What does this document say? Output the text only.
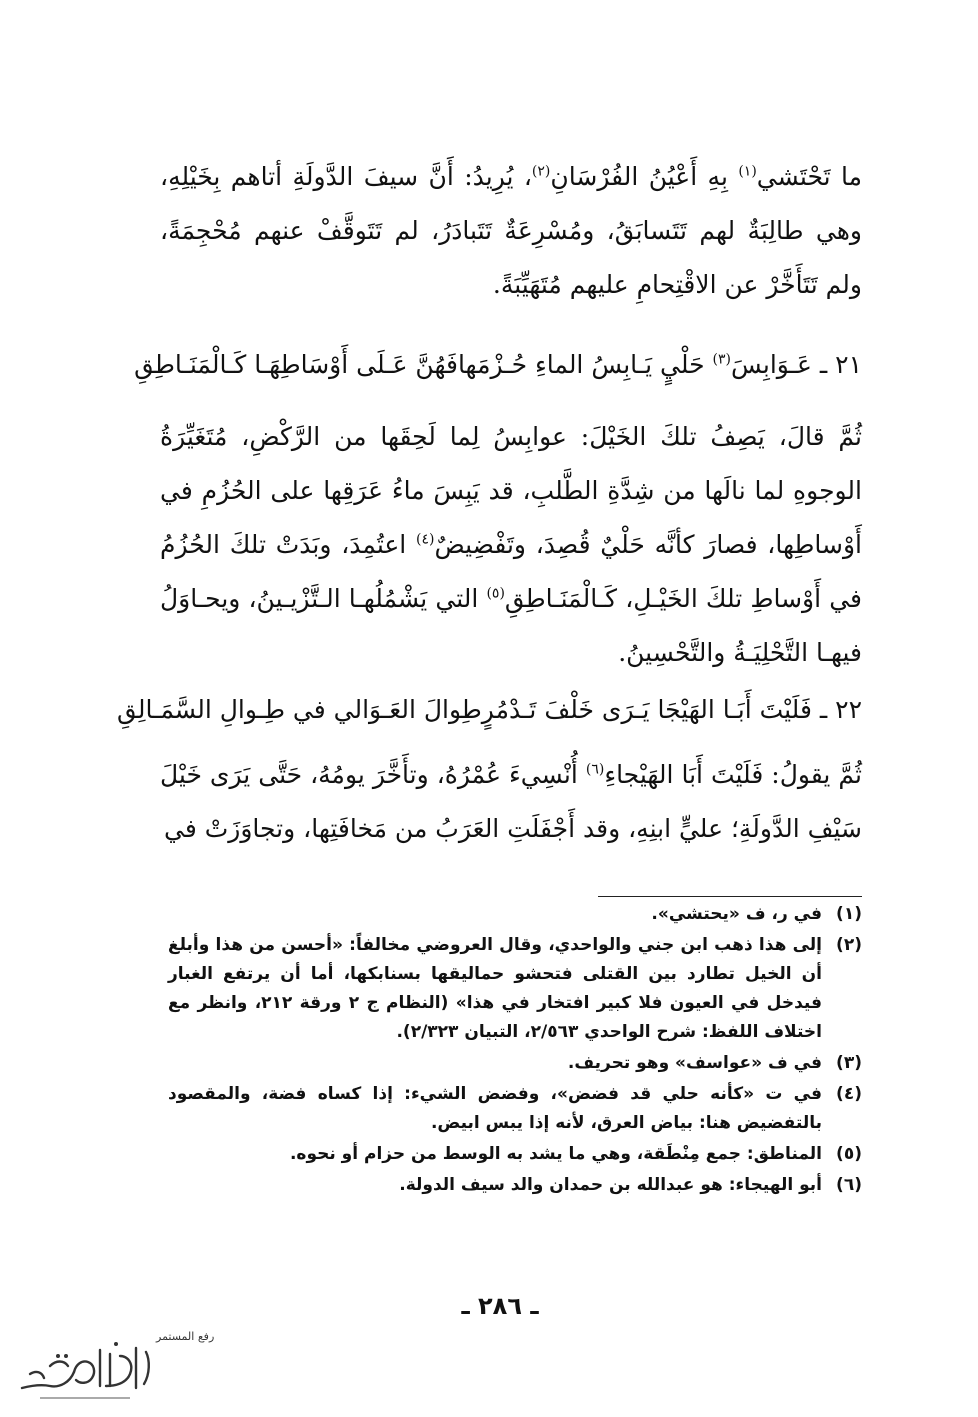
ما تَحْتَشي$^{(١)}$ بِهِ أَعْيُنُ الفُرْسَانِ$^{(٢)}$، يُرِيدُ: أَنَّ سيفَ الدَّولَةِ أتاهم بِخَيْلِهِ، وهي طالِبَةٌ لهم تَتَسابَقُ، ومُسْرِعَةٌ تَتَبادَرُ، لم تَتَوقَّفْ عنهم مُحْجِمَةً، ولم تَتَأَخَّرْ عن الاقْتِحامِ عليهم مُتَهَيِّبَةً.
٢١ ـ عَـوَابِسَ$^{(٣)}$ حَلْيٍ يَـابِسُ الماءِ حُـزْمَها
فَهُنَّ عَـلَى أَوْسَاطِهَـا كَـالْمَنَـاطِقِ
ثُمَّ قالَ، يَصِفُ تلكَ الخَيْلَ: عوابِسُ لِما لَحِقَها من الرَّكْضِ، مُتَغَيِّرَةُ الوجوهِ لما نالَها من شِدَّةِ الطَّلبِ، قد يَبِسَ ماءُ عَرَقِها على الحُزُمِ في أَوْساطِها، فصارَ كأنَّه حَلْيٌ قُصِدَ، وتَفْضِيضٌ$^{(٤)}$ اعتُمِدَ، وبَدَتْ تلكَ الحُزُمُ في أَوْساطِ تلكَ الخَيْـلِ، كَـالْمَنَـاطِقِ$^{(٥)}$ التي يَشْمُلُهـا الـتَّزْيـينُ، ويحـاوَلُ فيهـا التَّحْلِيَـةُ والتَّحْسِينُ.
٢٢ ـ فَلَيْتَ أَبَـا الهَيْجَا يَـرَى خَلْفَ تَـدْمُرٍ
طِوالَ العَـوَالي في طِـوالِ السَّمَـالِقِ
ثُمَّ يقولُ: فَلَيْتَ أَبَا الهَيْجاءِ$^{(٦)}$ أُنْسِيءَ عُمْرُهُ، وتأَخَّرَ يومُهُ، حَتَّى يَرَى خَيْلَ سَيْفِ الدَّولَةِ؛ عليٍّ ابنِهِ، وقد أَجْفَلَتِ العَرَبُ من مَخافَتِها، وتجاوَزَتْ في
(١)
في ر، ف «يحتشي».
(٢)
إلى هذا ذهب ابن جني والواحدي، وقال العروضي مخالفاً: «أحسن من هذا وأبلغ أن الخيل تطارد بين القتلى فتحشو حماليقها بسنابكها، أما أن يرتفع الغبار فيدخل في العيون فلا كبير افتخار في هذا» (النظام ج ٢ ورقة ٢١٢، وانظر مع اختلاف اللفظ: شرح الواحدي ٢/٥٦٣، التبيان ٢/٣٢٣).
(٣)
في ف «عواسف» وهو تحريف.
(٤)
في ت «كأنه حلي قد فضض»، وفضض الشيء: إذا كساه فضة، والمقصود بالتفضيض هنا: بياض العرق، لأنه إذا يبس ابيض.
(٥)
المناطق: جمع مِنْطَقة، وهي ما يشد به الوسط من حزام أو نحوه.
(٦)
أبو الهيجاء: هو عبدالله بن حمدان والد سيف الدولة.
ـ ٢٨٦ ـ
رفع المستمر
